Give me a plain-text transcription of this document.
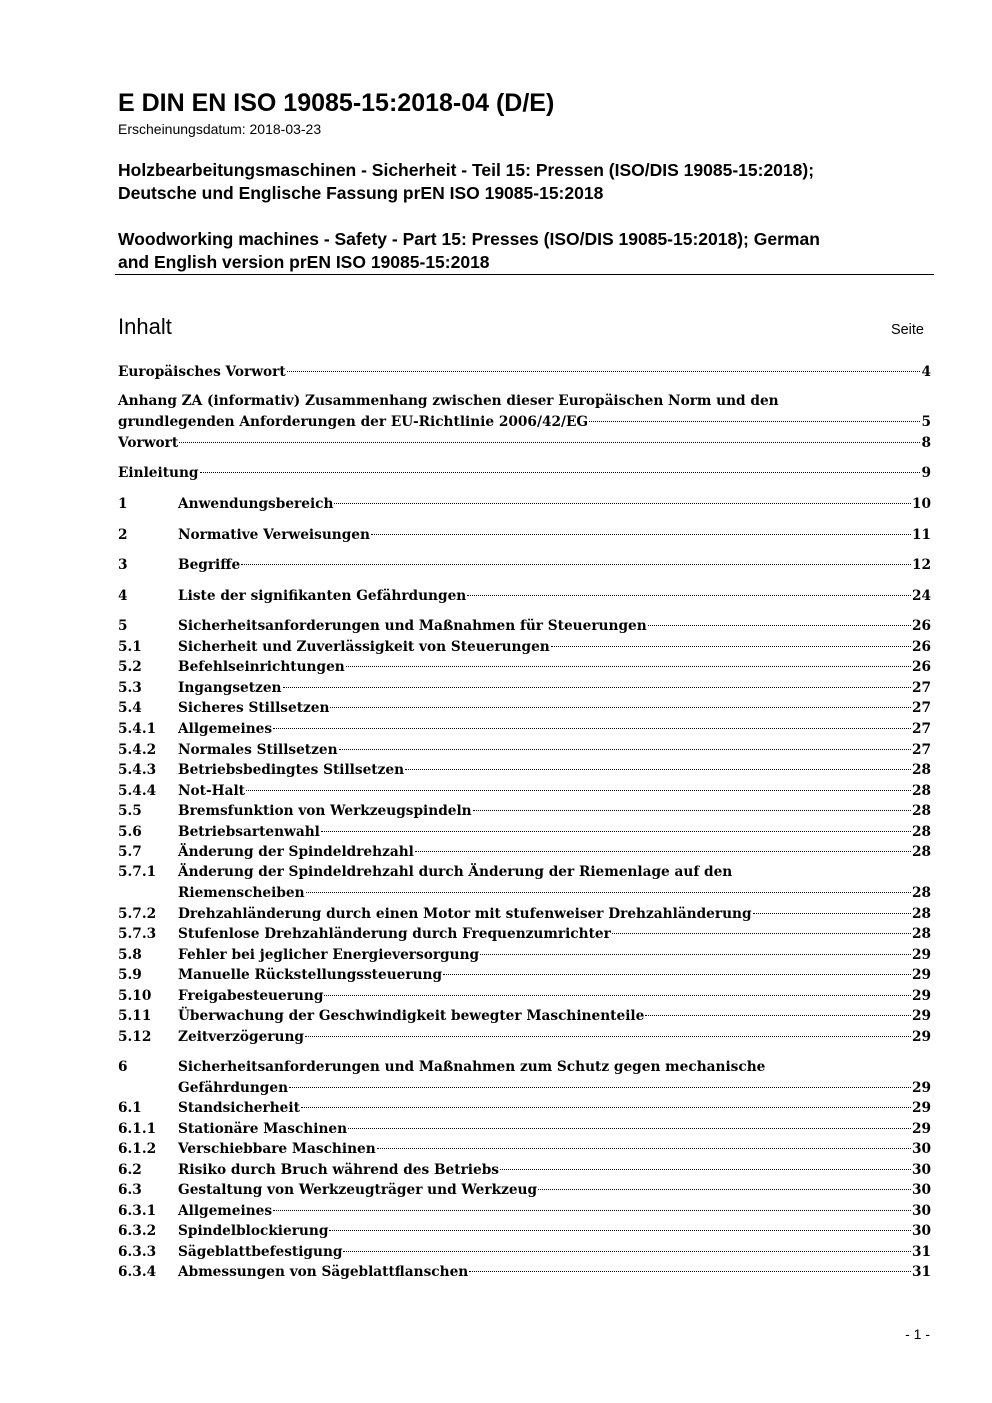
E DIN EN ISO 19085-15:2018-04 (D/E)
Erscheinungsdatum: 2018-03-23
Holzbearbeitungsmaschinen - Sicherheit - Teil 15: Pressen (ISO/DIS 19085-15:2018);
Deutsche und Englische Fassung prEN ISO 19085-15:2018
Woodworking machines - Safety - Part 15: Presses (ISO/DIS 19085-15:2018); German
and English version prEN ISO 19085-15:2018
Inhalt	Seite
Europäisches Vorwort	4
Anhang ZA (informativ) Zusammenhang zwischen dieser Europäischen Norm und den
grundlegenden Anforderungen der EU-Richtlinie 2006/42/EG	5
Vorwort	8
Einleitung	9
1	Anwendungsbereich	10
2	Normative Verweisungen	11
3	Begriffe	12
4	Liste der signifikanten Gefährdungen	24
5	Sicherheitsanforderungen und Maßnahmen für Steuerungen	26
5.1	Sicherheit und Zuverlässigkeit von Steuerungen	26
5.2	Befehlseinrichtungen	26
5.3	Ingangsetzen	27
5.4	Sicheres Stillsetzen	27
5.4.1 Allgemeines	27
5.4.2 Normales Stillsetzen	27
5.4.3 Betriebsbedingtes Stillsetzen	28
5.4.4 Not-Halt	28
5.5	Bremsfunktion von Werkzeugspindeln	28
5.6	Betriebsartenwahl	28
5.7	Änderung der Spindeldrehzahl	28
5.7.1 Änderung der Spindeldrehzahl durch Änderung der Riemenlage auf den
Riemenscheiben	28
5.7.2 Drehzahländerung durch einen Motor mit stufenweiser Drehzahländerung	28
5.7.3 Stufenlose Drehzahländerung durch Frequenzumrichter	28
5.8	Fehler bei jeglicher Energieversorgung	29
5.9	Manuelle Rückstellungssteuerung	29
5.10 Freigabesteuerung	29
5.11 Überwachung der Geschwindigkeit bewegter Maschinenteile	29
5.12 Zeitverzögerung	29
6	Sicherheitsanforderungen und Maßnahmen zum Schutz gegen mechanische
Gefährdungen	29
6.1	Standsicherheit	29
6.1.1 Stationäre Maschinen	29
6.1.2 Verschiebbare Maschinen	30
6.2	Risiko durch Bruch während des Betriebs	30
6.3	Gestaltung von Werkzeugträger und Werkzeug	30
6.3.1 Allgemeines	30
6.3.2 Spindelblockierung	30
6.3.3 Sägeblattbefestigung	31
6.3.4 Abmessungen von Sägeblattflanschen	31
- 1 -
